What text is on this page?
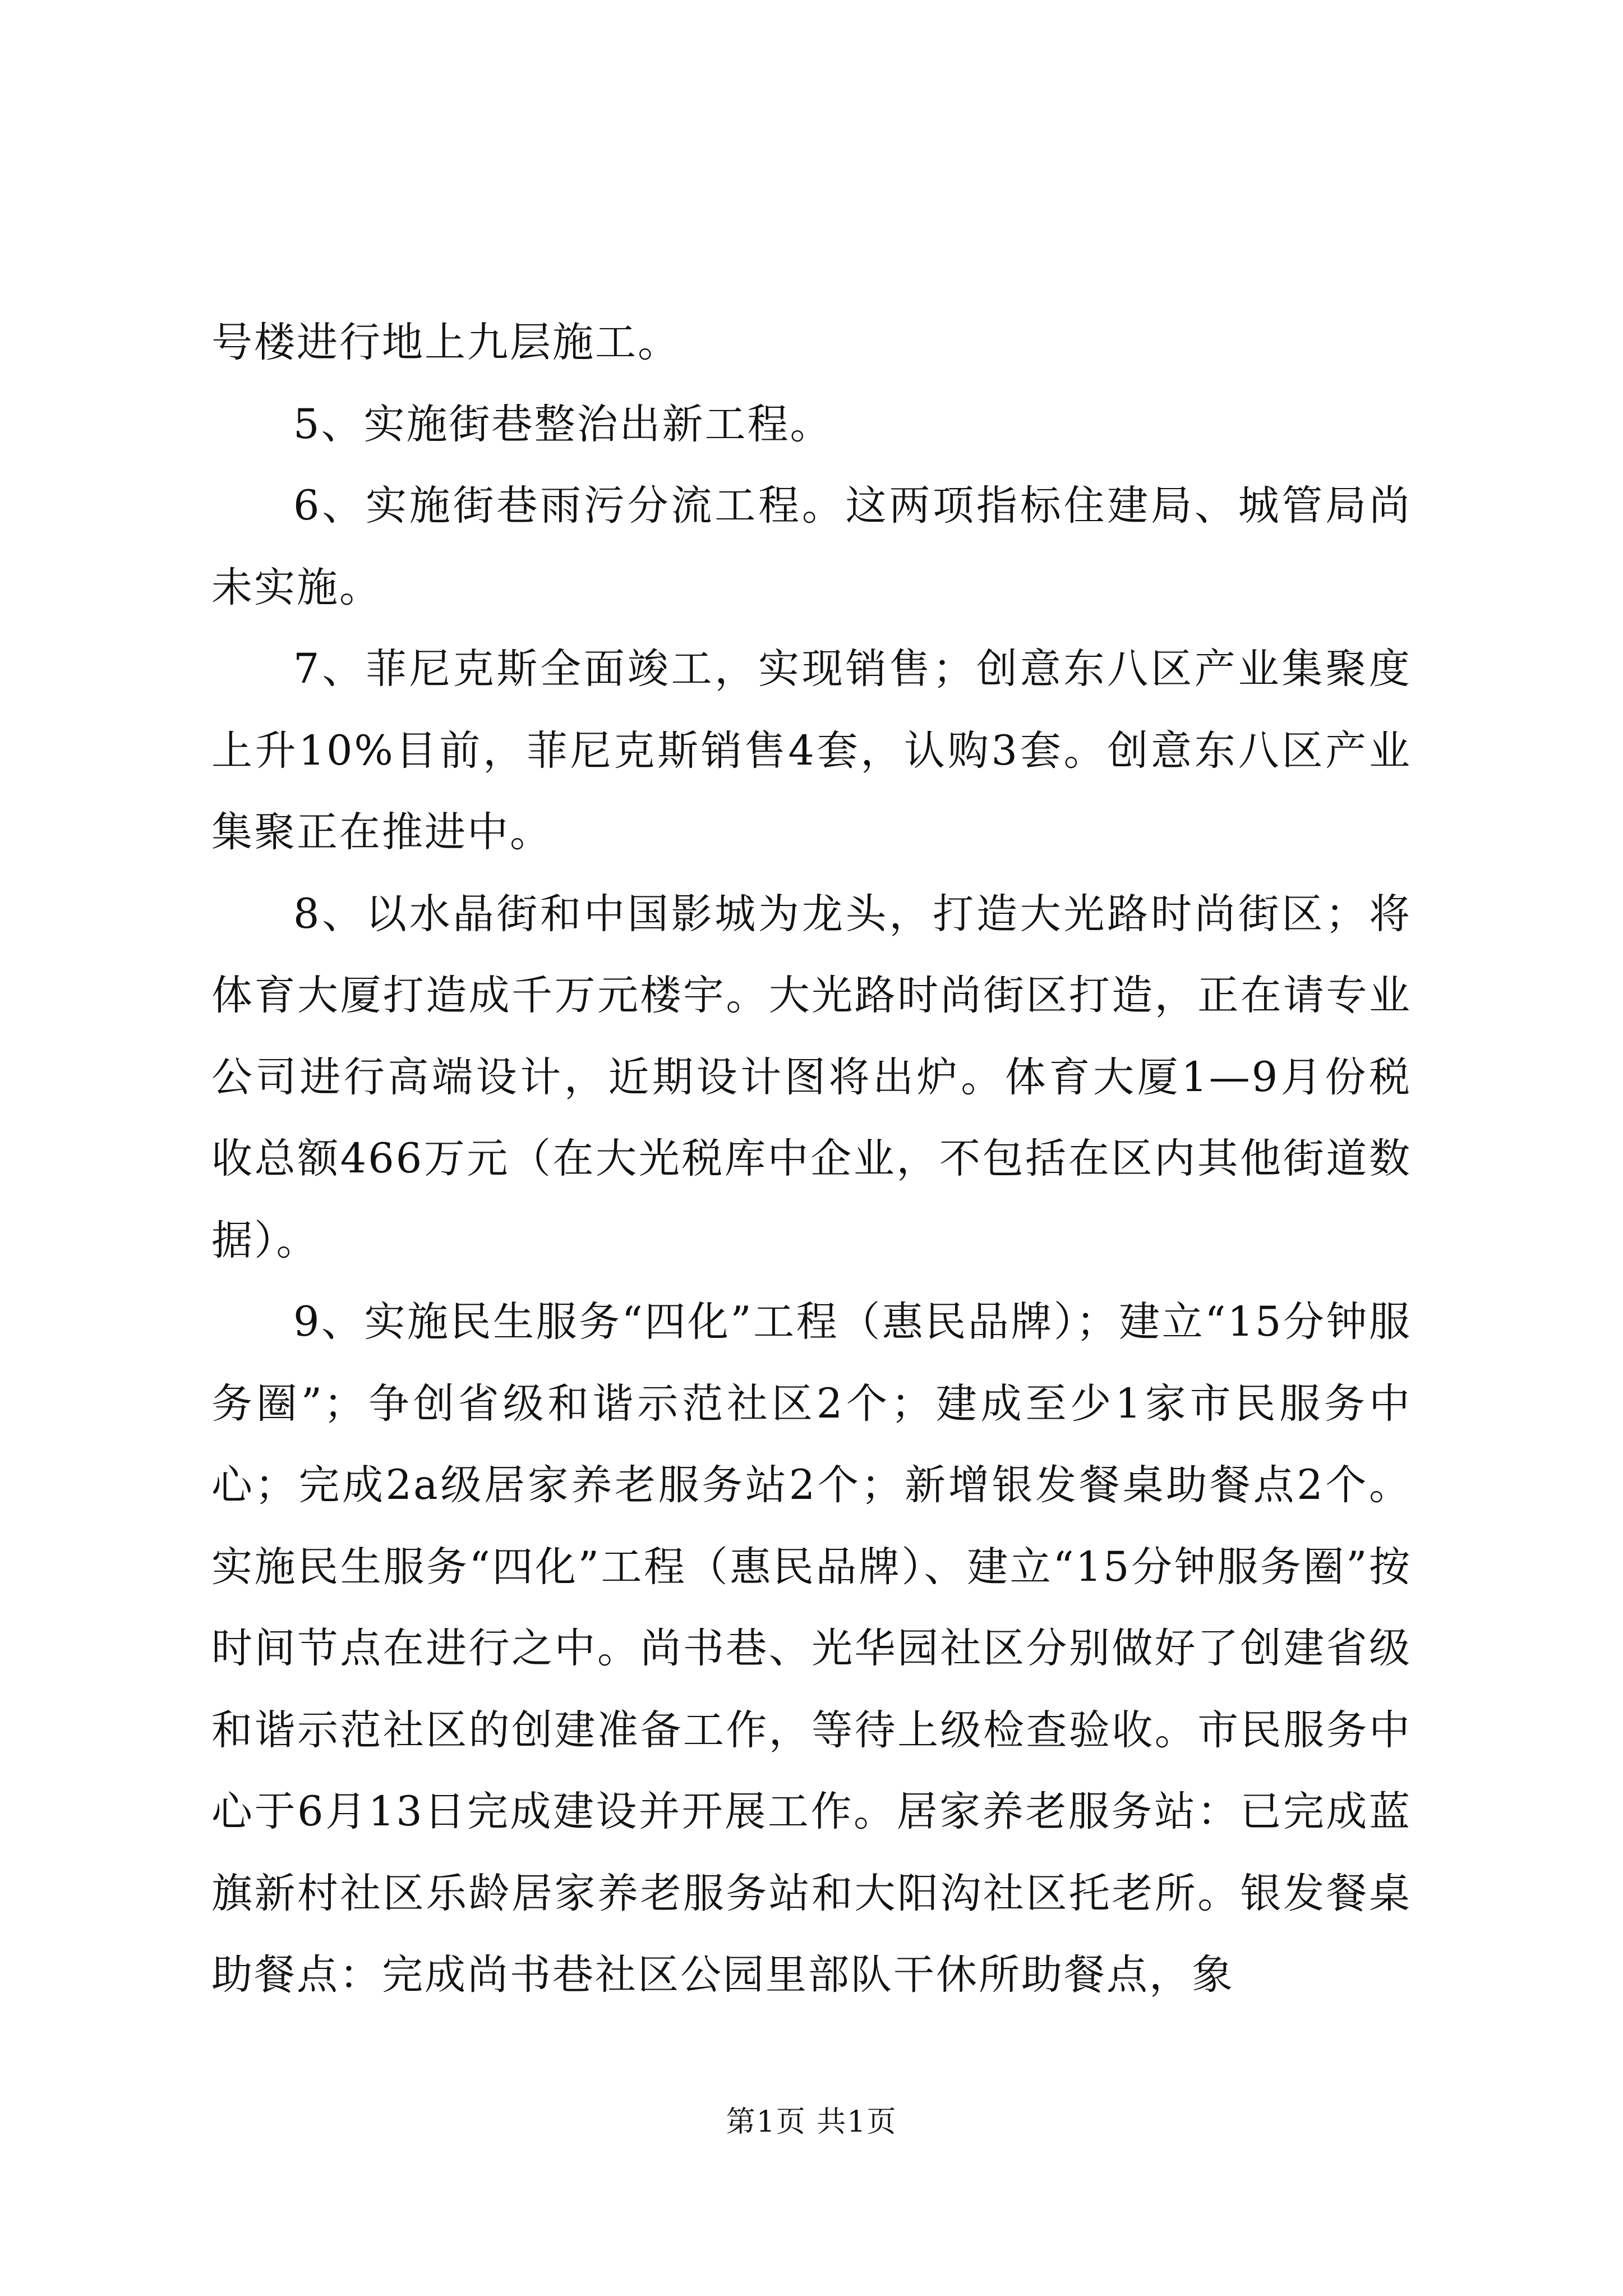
号楼进行地上九层施工。

5、实施街巷整治出新工程。

6、实施街巷雨污分流工程。这两项指标住建局、城管局尚未实施。

7、菲尼克斯全面竣工，实现销售；创意东八区产业集聚度上升10%目前，菲尼克斯销售4套，认购3套。创意东八区产业集聚正在推进中。

8、以水晶街和中国影城为龙头，打造大光路时尚街区；将体育大厦打造成千万元楼宇。大光路时尚街区打造，正在请专业公司进行高端设计，近期设计图将出炉。体育大厦1—9月份税收总额466万元（在大光税库中企业，不包括在区内其他街道数据）。

9、实施民生服务“四化”工程（惠民品牌）；建立“15分钟服务圈”；争创省级和谐示范社区2个；建成至少1家市民服务中心；完成2a级居家养老服务站2个；新增银发餐桌助餐点2个。实施民生服务“四化”工程（惠民品牌）、建立“15分钟服务圈”按时间节点在进行之中。尚书巷、光华园社区分别做好了创建省级和谐示范社区的创建准备工作，等待上级检查验收。市民服务中心于6月13日完成建设并开展工作。居家养老服务站：已完成蓝旗新村社区乐龄居家养老服务站和大阳沟社区托老所。银发餐桌助餐点：完成尚书巷社区公园里部队干休所助餐点，象

第1页 共1页
